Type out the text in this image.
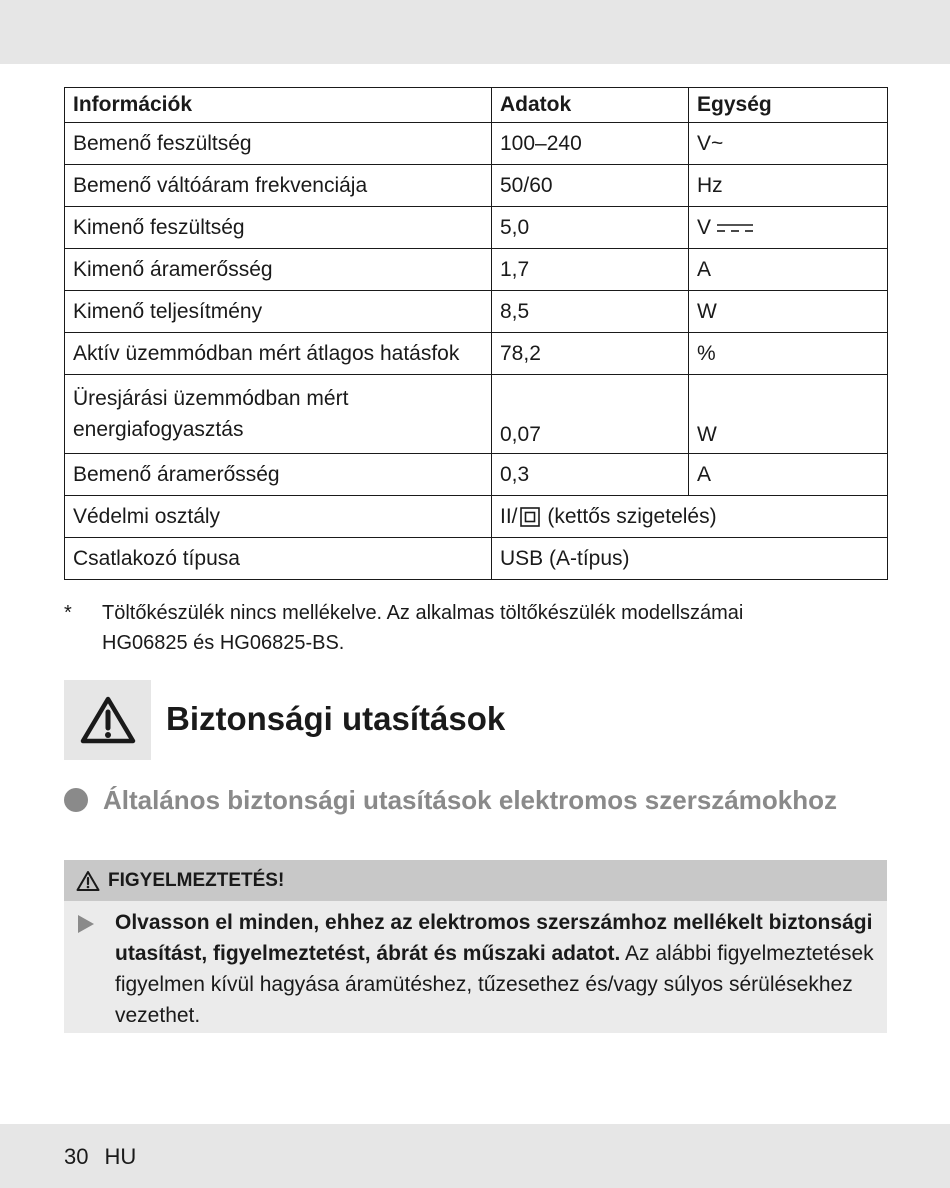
Információk	Adatok	Egység
Bemenő feszültség	100–240	V~
Bemenő váltóáram frekvenciája	50/60	Hz
Kimenő feszültség	5,0	V
Kimenő áramerősség	1,7	A
Kimenő teljesítmény	8,5	W
Aktív üzemmódban mért átlagos hatásfok	78,2	%
Üresjárási üzemmódban mért
energiafogyasztás	0,07	W
Bemenő áramerősség	0,3	A
Védelmi osztály	II/ (kettős szigetelés)	
Csatlakozó típusa	USB (A-típus)	
* Töltőkészülék nincs mellékelve. Az alkalmas töltőkészülék modellszámai HG06825 és HG06825-BS.
Biztonsági utasítások
Általános biztonsági utasítások elektromos szerszámokhoz
FIGYELMEZTETÉS!
Olvasson el minden, ehhez az elektromos szerszámhoz mellékelt biztonsági utasítást, figyelmeztetést, ábrát és műszaki adatot. Az alábbi figyelmeztetések figyelmen kívül hagyása áramütéshez, tűzesethez és/vagy súlyos sérülésekhez vezethet.
30 HU
